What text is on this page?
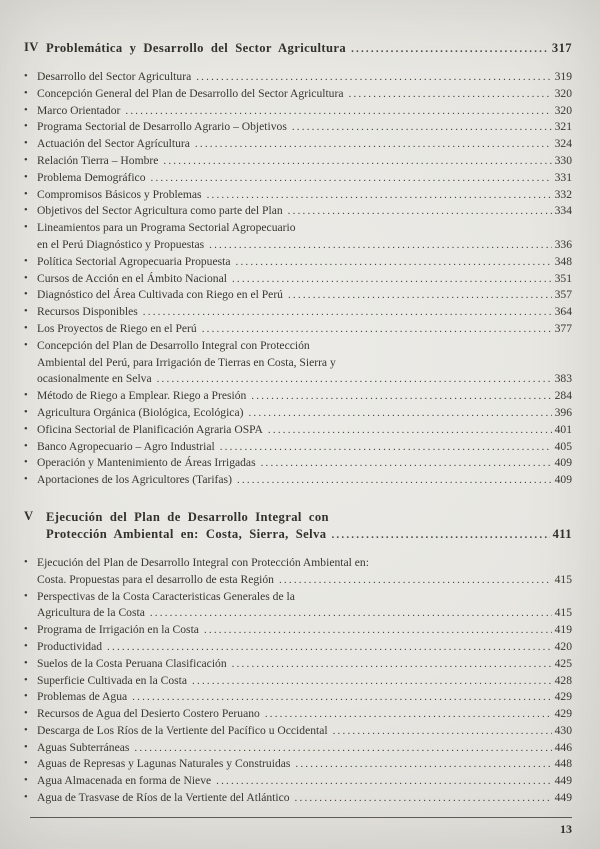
IV Problemática y Desarrollo del Sector Agricultura .....	317
• Desarrollo del Sector Agricultura .....	319
• Concepción General del Plan de Desarrollo del Sector Agricultura .....	320
• Marco Orientador .....	320
• Programa Sectorial de Desarrollo Agrario – Objetivos .....	321
• Actuación del Sector Agrícultura .....	324
• Relación Tierra – Hombre .....	330
• Problema Demográfico .....	331
• Compromisos Básicos y Problemas .....	332
• Objetivos del Sector Agricultura como parte del Plan .....	334
• Lineamientos para un Programa Sectorial Agropecuario
en el Perú Diagnóstico y Propuestas .....	336
• Política Sectorial Agropecuaria Propuesta .....	348
• Cursos de Acción en el Ámbito Nacional .....	351
• Diagnóstico del Área Cultivada con Riego en el Perú .....	357
• Recursos Disponibles .....	364
• Los Proyectos de Riego en el Perú .....	377
• Concepción del Plan de Desarrollo Integral con Protección
Ambiental del Perú, para Irrigación de Tierras en Costa, Sierra y
ocasionalmente en Selva .....	383
• Método de Riego a Emplear. Riego a Presión .....	284
• Agricultura Orgánica (Biológica, Ecológica) .....	396
• Oficina Sectorial de Planificación Agraria OSPA .....	401
• Banco Agropecuario – Agro Industrial .....	405
• Operación y Mantenimiento de Áreas Irrigadas .....	409
• Aportaciones de los Agricultores (Tarifas) .....	409
V Ejecución del Plan de Desarrollo Integral con
Protección Ambiental en: Costa, Sierra, Selva .....	411
• Ejecución del Plan de Desarrollo Integral con Protección Ambiental en:
Costa. Propuestas para el desarrollo de esta Región .....	415
• Perspectivas de la Costa Caracteristicas Generales de la
Agricultura de la Costa .....	415
• Programa de Irrigación en la Costa .....	419
• Productividad .....	420
• Suelos de la Costa Peruana Clasificación .....	425
• Superficie Cultivada en la Costa .....	428
• Problemas de Agua .....	429
• Recursos de Agua del Desierto Costero Peruano .....	429
• Descarga de Los Ríos de la Vertiente del Pacífico u Occidental .....	430
• Aguas Subterráneas .....	446
• Aguas de Represas y Lagunas Naturales y Construidas .....	448
• Agua Almacenada en forma de Nieve .....	449
• Agua de Trasvase de Ríos de la Vertiente del Atlántico .....	449
13
